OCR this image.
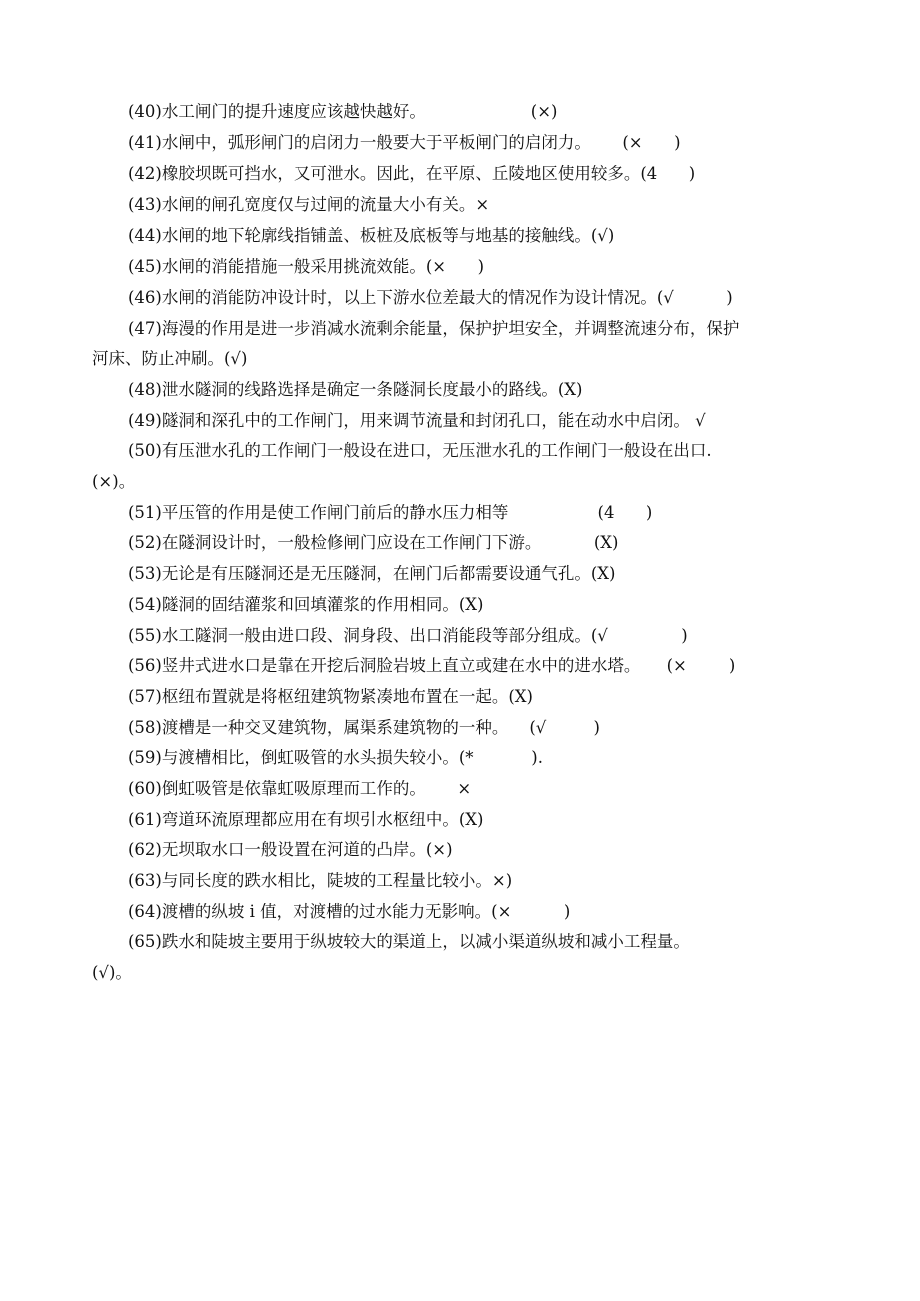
(40)水工闸门的提升速度应该越快越好。                    (×)
(41)水闸中，弧形闸门的启闭力一般要大于平板闸门的启闭力。      (×      )
(42)橡胶坝既可挡水，又可泄水。因此，在平原、丘陵地区使用较多。(4      )
(43)水闸的闸孔宽度仅与过闸的流量大小有关。×
(44)水闸的地下轮廓线指铺盖、板桩及底板等与地基的接触线。(√)
(45)水闸的消能措施一般采用挑流效能。(×      )
(46)水闸的消能防冲设计时，以上下游水位差最大的情况作为设计情况。(√          )
(47)海漫的作用是进一步消减水流剩余能量，保护护坦安全，并调整流速分布，保护
河床、防止冲刷。(√)
(48)泄水隧洞的线路选择是确定一条隧洞长度最小的路线。(X)
(49)隧洞和深孔中的工作闸门，用来调节流量和封闭孔口，能在动水中启闭。 √
(50)有压泄水孔的工作闸门一般设在进口，无压泄水孔的工作闸门一般设在出口.
(×)。
(51)平压管的作用是使工作闸门前后的静水压力相等                 (4      )
(52)在隧洞设计时，一般检修闸门应设在工作闸门下游。          (X)
(53)无论是有压隧洞还是无压隧洞，在闸门后都需要设通气孔。(X)
(54)隧洞的固结灌浆和回填灌浆的作用相同。(X)
(55)水工隧洞一般由进口段、洞身段、出口消能段等部分组成。(√              )
(56)竖井式进水口是靠在开挖后洞脸岩坡上直立或建在水中的进水塔。     (×        )
(57)枢纽布置就是将枢纽建筑物紧凑地布置在一起。(X)
(58)渡槽是一种交叉建筑物，属渠系建筑物的一种。    (√         )
(59)与渡槽相比，倒虹吸管的水头损失较小。(*           ).
(60)倒虹吸管是依靠虹吸原理而工作的。      ×
(61)弯道环流原理都应用在有坝引水枢纽中。(X)
(62)无坝取水口一般设置在河道的凸岸。(×)
(63)与同长度的跌水相比，陡坡的工程量比较小。×)
(64)渡槽的纵坡 i 值，对渡槽的过水能力无影响。(×          )
(65)跌水和陡坡主要用于纵坡较大的渠道上，以减小渠道纵坡和减小工程量。
(√)。
